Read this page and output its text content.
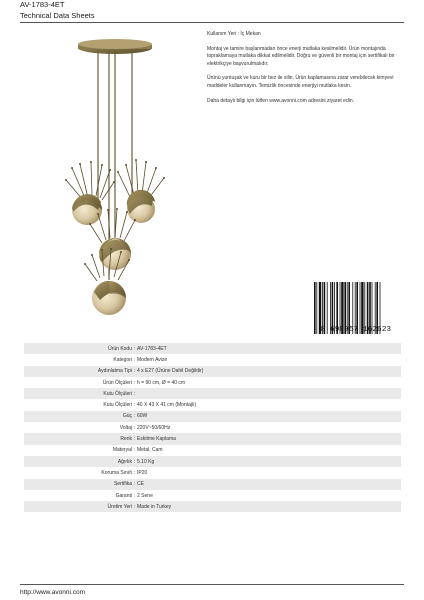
AV-1783-4ET
Technical Data Sheets

Kullanım Yeri : İç Mekan

Montaj ve tamire başlanmadan önce enerji mutlaka kesilmelidir. Ürün montajında topraklamaya mutlaka dikkat edilmelidir. Doğru ve güvenli bir montaj için sertifikalı bir elektrikçiye başvurulmalıdır.

Ürünü yumuşak ve kuru bir bez ile silin. Ürün kaplamasına zarar verebilecek kimyevi maddeler kullanmayın. Temizlik öncesinde enerjiyi mutlaka kesin.

Daha detaylı bilgi için lütfen www.avonni.com adresini ziyaret edin.

8 698957 162623
Ürün Kodu : AV-1783-4ET
Kategori : Modern Avize
Aydınlatma Tipi : 4 x E27 (Ürüne Dahil Değildir)
Ürün Ölçüleri : h = 90 cm, Ø = 40 cm
Kutu Ölçüleri :
Kutu Ölçüleri : 40 X 43 X 41 cm (Montajlı)
Güç : 60W
Voltaj : 220V~50/60Hz
Renk : Eskitme Kaplama
Materyal : Metal, Cam
Ağırlık : 5.10 Kg
Koruma Sınıfı : IP20
Sertifika : CE
Garanti : 2 Sene
Üretim Yeri : Made in Turkey
http://www.avonni.com
